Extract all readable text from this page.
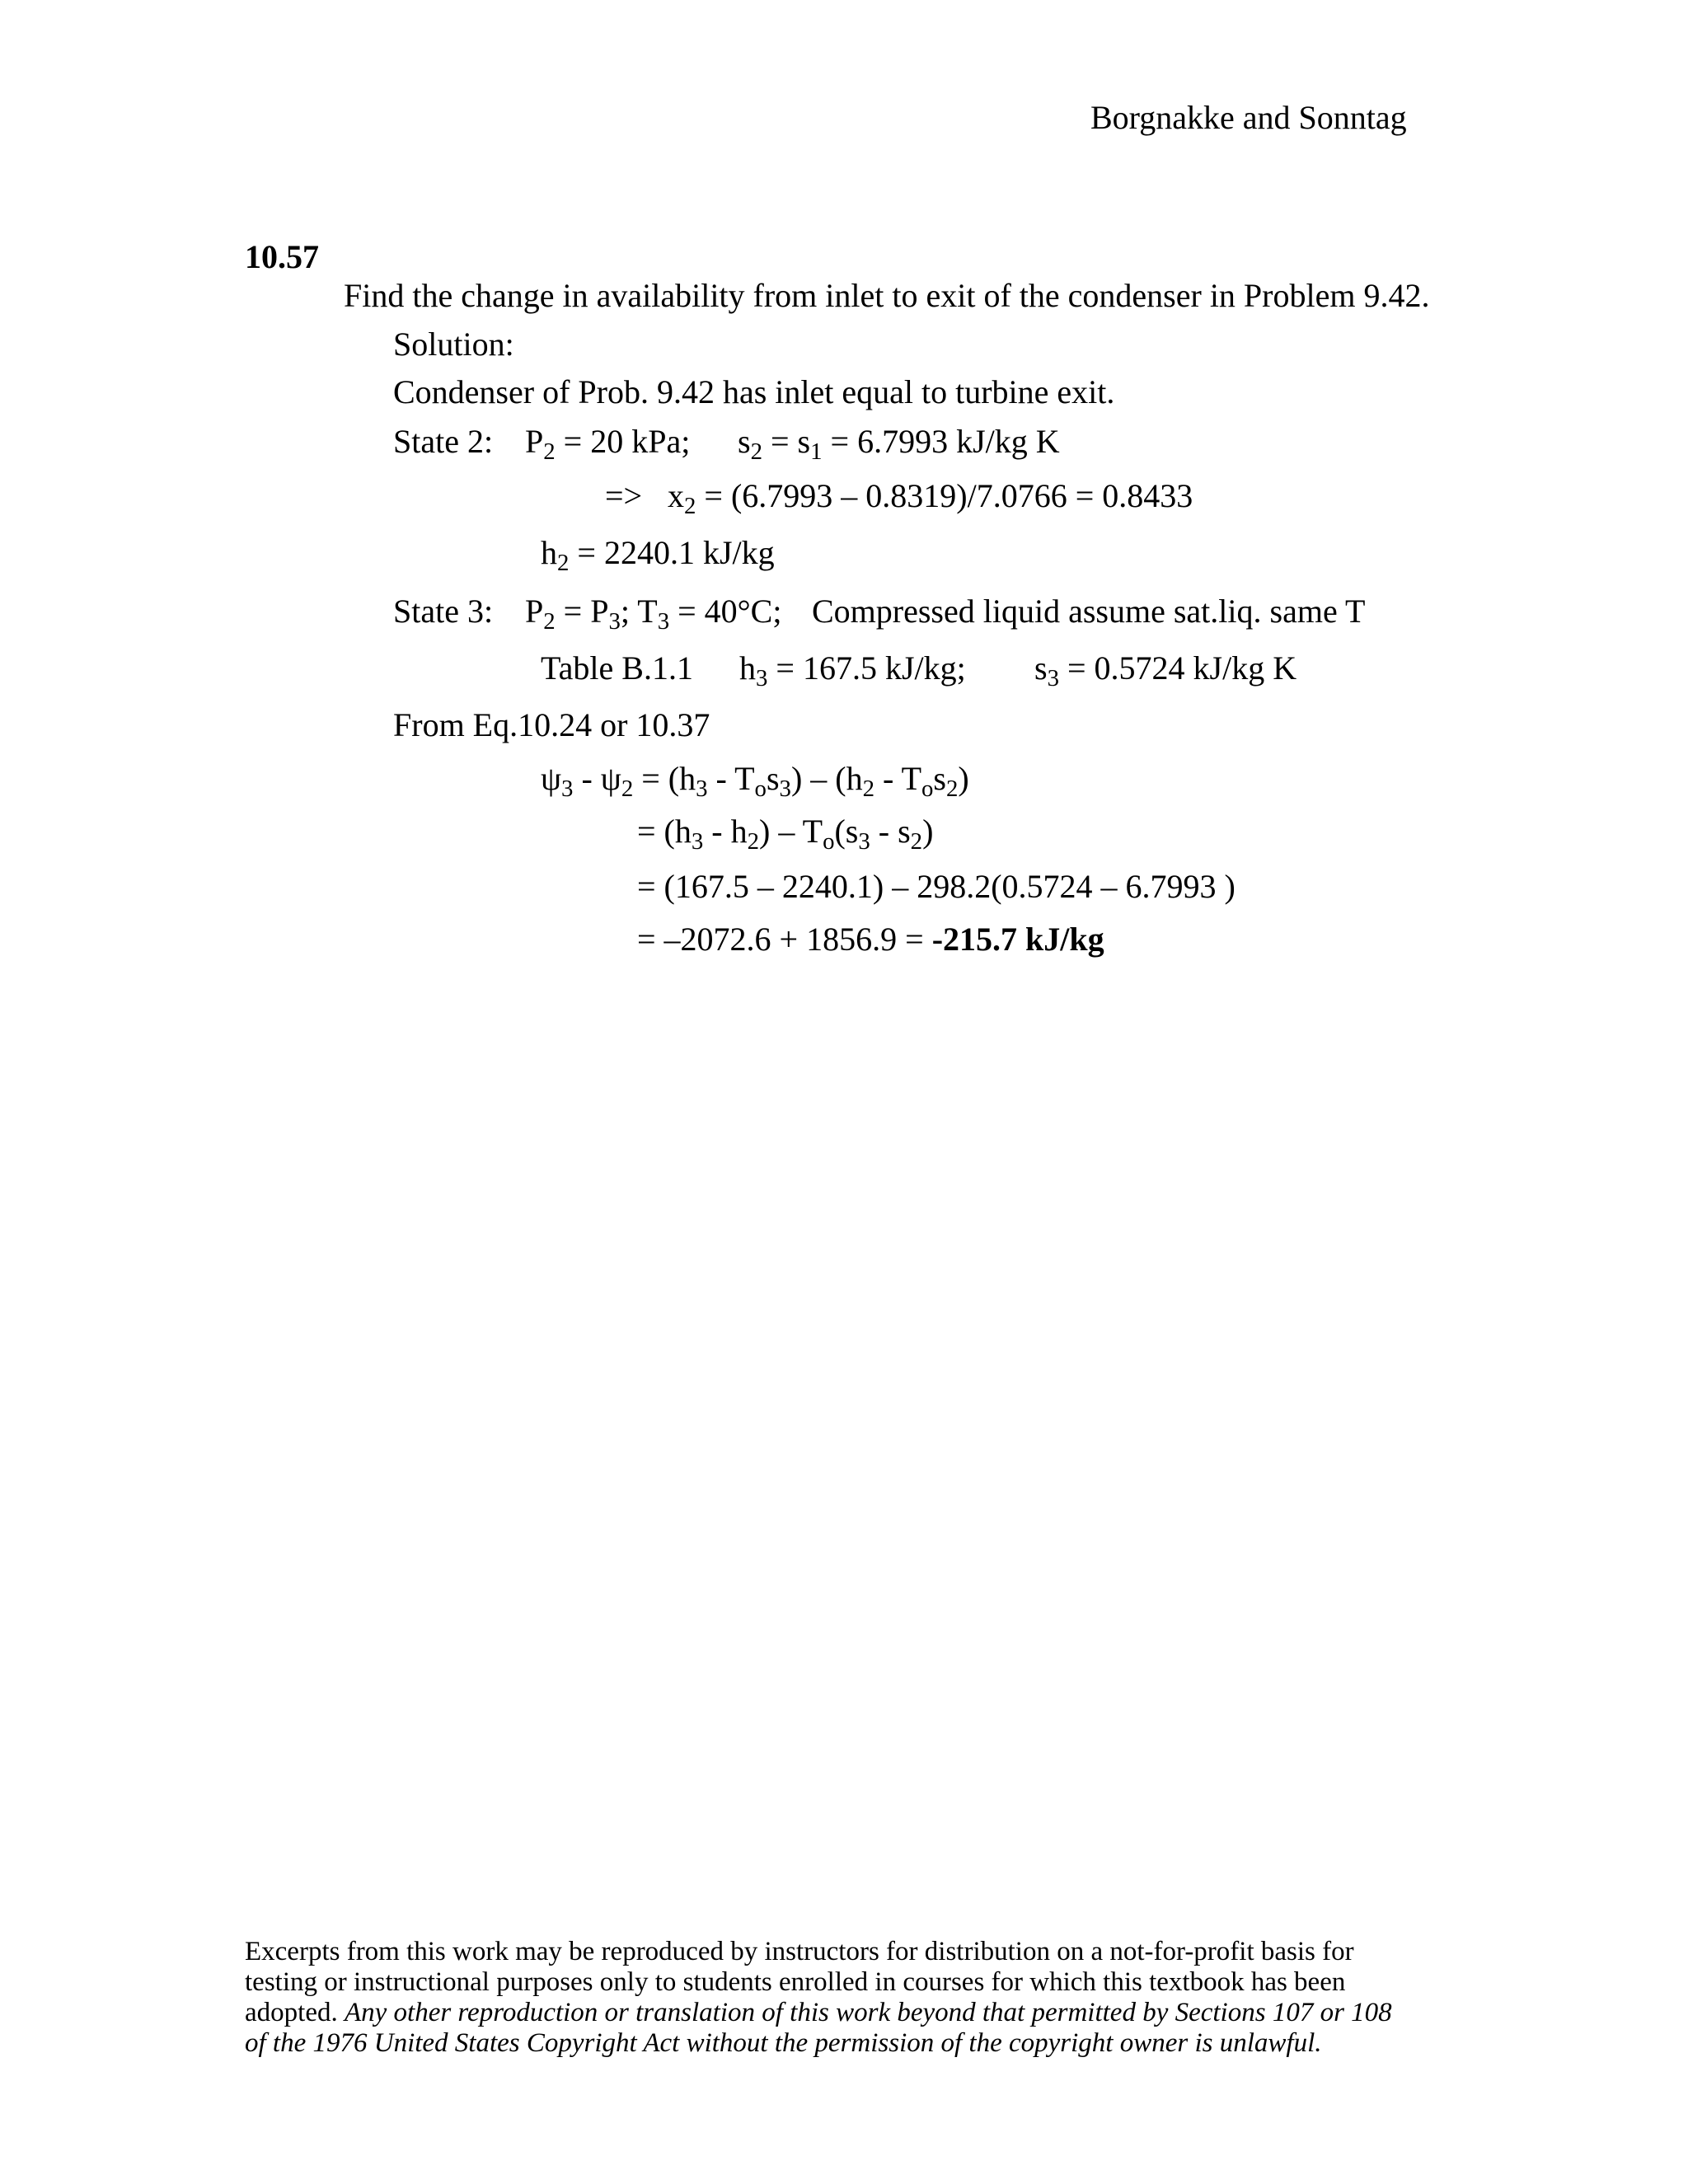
Borgnakke and Sonntag
10.57
Find the change in availability from inlet to exit of the condenser in Problem 9.42.
Solution:
Condenser of Prob. 9.42 has inlet equal to turbine exit.
State 2: $P_2 = 20$ kPa; $s_2 = s_1 = 6.7993$ kJ/kg K
=> $x_2 = (6.7993 - 0.8319)/7.0766 = 0.8433$
$h_2 = 2240.1$ kJ/kg
State 3: $P_2 = P_3$; $T_3 = 40^\circ C$; Compressed liquid assume sat.liq. same T
Table B.1.1 $h_3 = 167.5$ kJ/kg; $s_3 = 0.5724$ kJ/kg K
From Eq.10.24 or 10.37
$\psi_3 - \psi_2 = (h_3 - T_os_3) - (h_2 - T_os_2)$
= $(h_3 - h_2) - T_o(s_3 - s_2)$
= (167.5 – 2240.1) – 298.2(0.5724 – 6.7993 )
= –2072.6 + 1856.9 = -215.7 kJ/kg
Excerpts from this work may be reproduced by instructors for distribution on a not-for-profit basis for
testing or instructional purposes only to students enrolled in courses for which this textbook has been
adopted. Any other reproduction or translation of this work beyond that permitted by Sections 107 or 108
of the 1976 United States Copyright Act without the permission of the copyright owner is unlawful.
